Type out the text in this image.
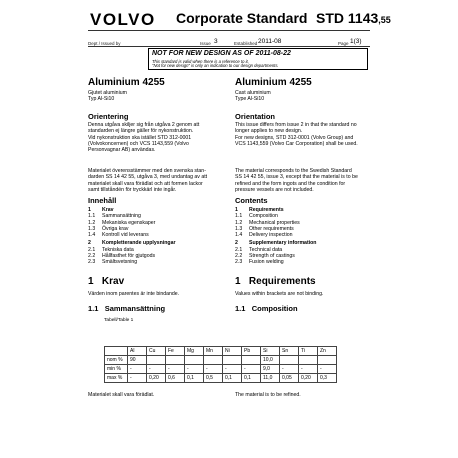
VOLVO Corporate Standard STD 1143,55
Dept / Issued by	Issue 3	Established 2011-08	Page 1(3)
NOT FOR NEW DESIGN AS OF 2011-08-22
This standard is valid when there is a reference to it.
"Not for new design" is only an indication to our design departments.
Aluminium 4255
Gjutet aluminium
Typ Al-Si10
Orientering
Denna utgåva skiljer sig från utgåva 2 genom att
standarden ej längre gäller för nykonstruktion.
Vid nykonstruktion ska istället STD 312-0001
(Volvokoncernen) och VCS 1143,559 (Volvo
Personvagnar AB) användas.
Materialet överensstämmer med den svenska stan-
darden SS 14 42 55, utgåva 3, med undantag av att
materialet skall vara förädlat och att formen lackor
samt tillståndén för tryckkärl inte ingår.
Innehåll
1 Krav
1.1 Sammansättning
1.2 Mekaniska egenskaper
1.3 Övriga krav
1.4 Kontroll vid leverans
2 Kompletterande upplysningar
2.1 Tekniska data
2.2 Hållfasthet för gjutgods
2.3 Smältsvetsning
1 Krav
Värden inom parentes är inte bindande.
1.1 Sammansättning
Aluminium 4255
Cast aluminium
Type Al-Si10
Orientation
This issue differs from issue 2 in that the standard no
longer applies to new design.
For new designs, STD 312-0001 (Volvo Group) and
VCS 1143,559 (Volvo Car Corporation) shall be used.
The material corresponds to the Swedish Standard
SS 14 42 55, issue 3, except that the material is to be
refined and the form ingots and the condition for
pressure vessels are not included.
Contents
1 Requirements
1.1 Composition
1.2 Mechanical properties
1.3 Other requirements
1.4 Delivery inspection
2 Supplementary information
2.1 Technical data
2.2 Strength of castings
2.3 Fusion welding
1 Requirements
Values within brackets are not binding.
1.1 Composition
Tabell/Table 1
	Al	Cu	Fe	Mg	Mn	Ni	Pb	Si	Sn	Ti	Zn
nom %	90							10,0			
min %	-	-	-	-	-	-	-	9,0	-	-	-
max %	-	0,20	0,6	0,1	0,5	0,1	0,1	11,0	0,05	0,20	0,3
Materialet skall vara förädlat.	The material is to be refined.
